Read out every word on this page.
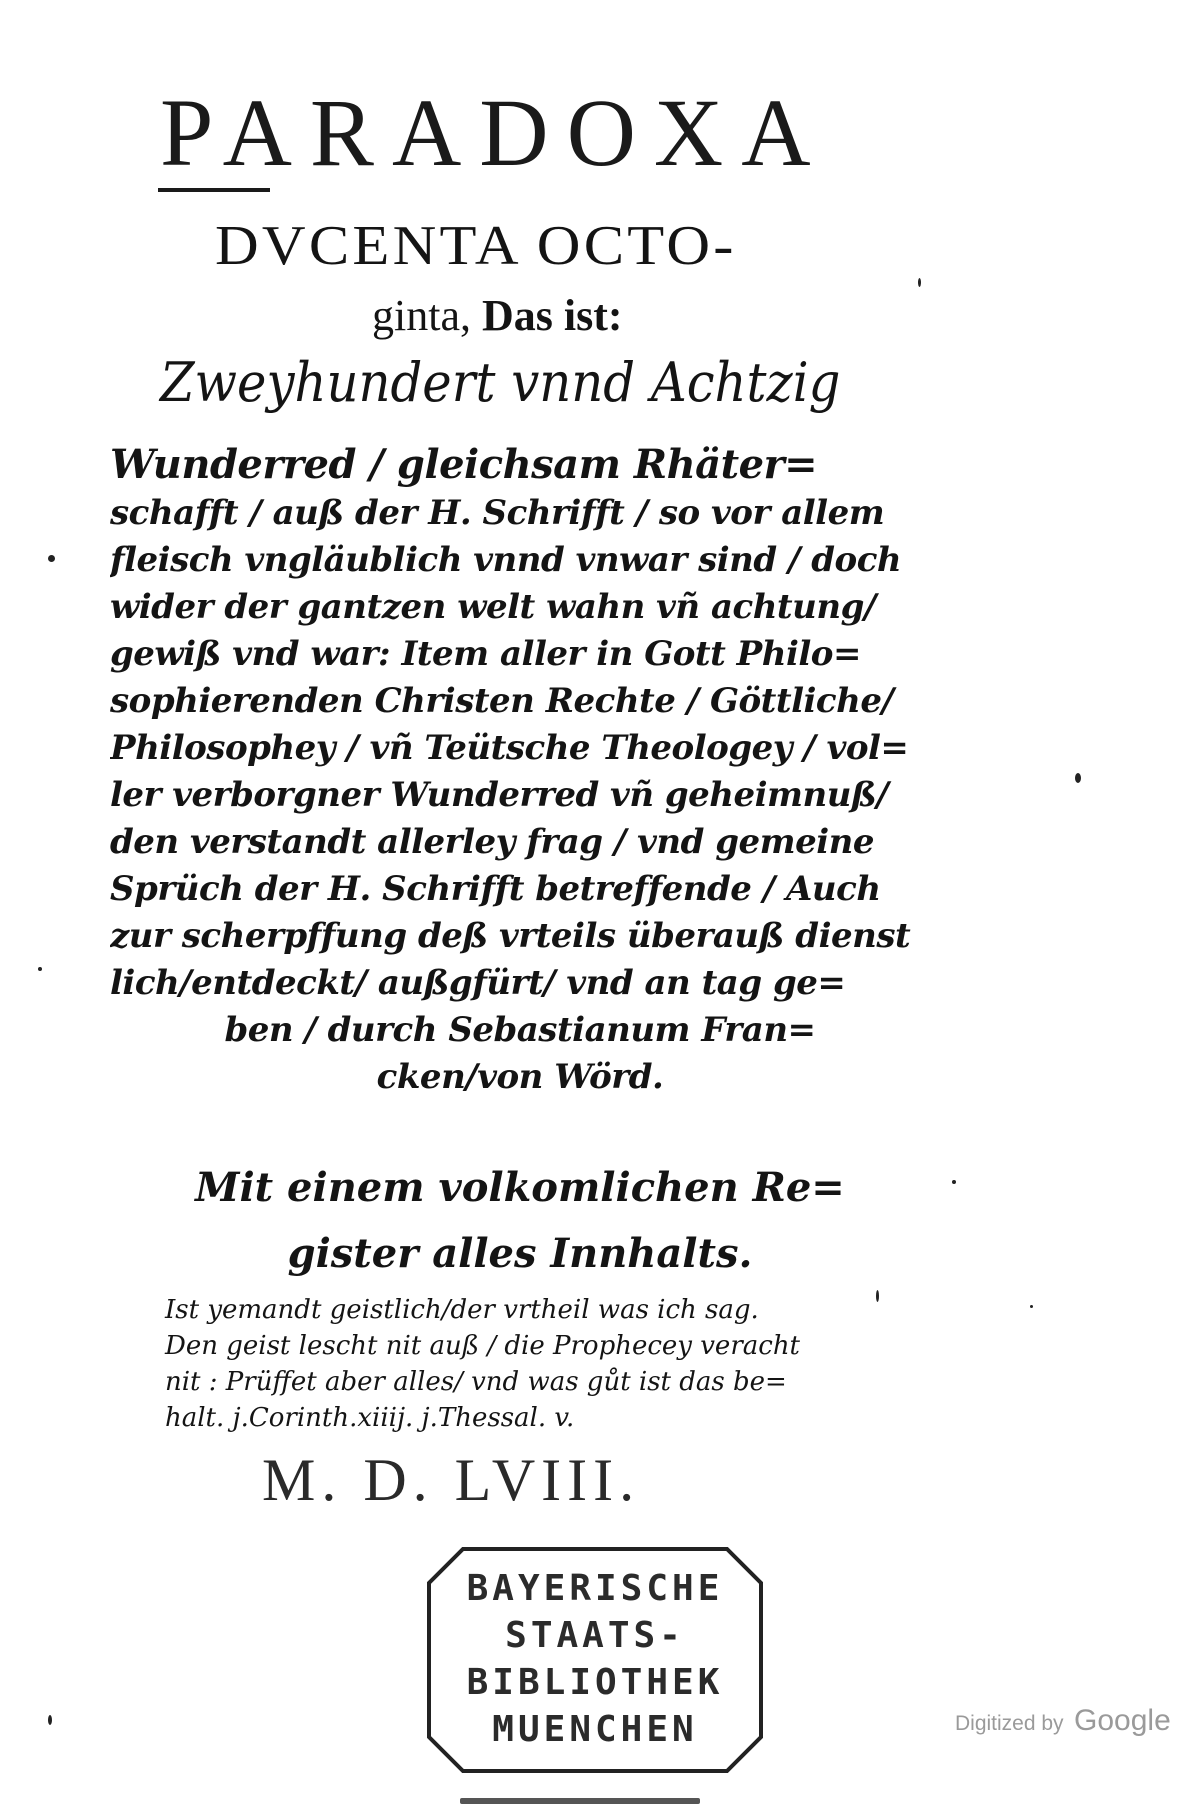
PARADOXA
DVCENTA OCTO-
ginta, Das ist:
Zweyhundert vnnd Achtzig
Wunderred / gleichsam Rhäter=
schafft / auß der H. Schrifft / so vor allem
fleisch vngläublich vnnd vnwar sind / doch
wider der gantzen welt wahn vñ achtung/
gewiß vnd war: Item aller in Gott Philo=
sophierenden Christen Rechte / Göttliche/
Philosophey / vñ Teütsche Theologey / vol=
ler verborgner Wunderred vñ geheimnuß/
den verstandt allerley frag / vnd gemeine
Sprüch der H. Schrifft betreffende / Auch
zur scherpffung deß vrteils überauß dienst
lich/entdeckt/ außgfürt/ vnd an tag ge=
ben / durch Sebastianum Fran=
cken/von Wörd.
Mit einem volkomlichen Re=
gister alles Innhalts.
Ist yemandt geistlich/der vrtheil was ich sag.
Den geist lescht nit auß / die Prophecey veracht
nit : Prüffet aber alles/ vnd was gůt ist das be=
halt. j.Corinth.xiiij. j.Thessal. v.
M. D. LVIII.
BAYERISCHE
STAATS-
BIBLIOTHEK
MUENCHEN	Digitized by Google
